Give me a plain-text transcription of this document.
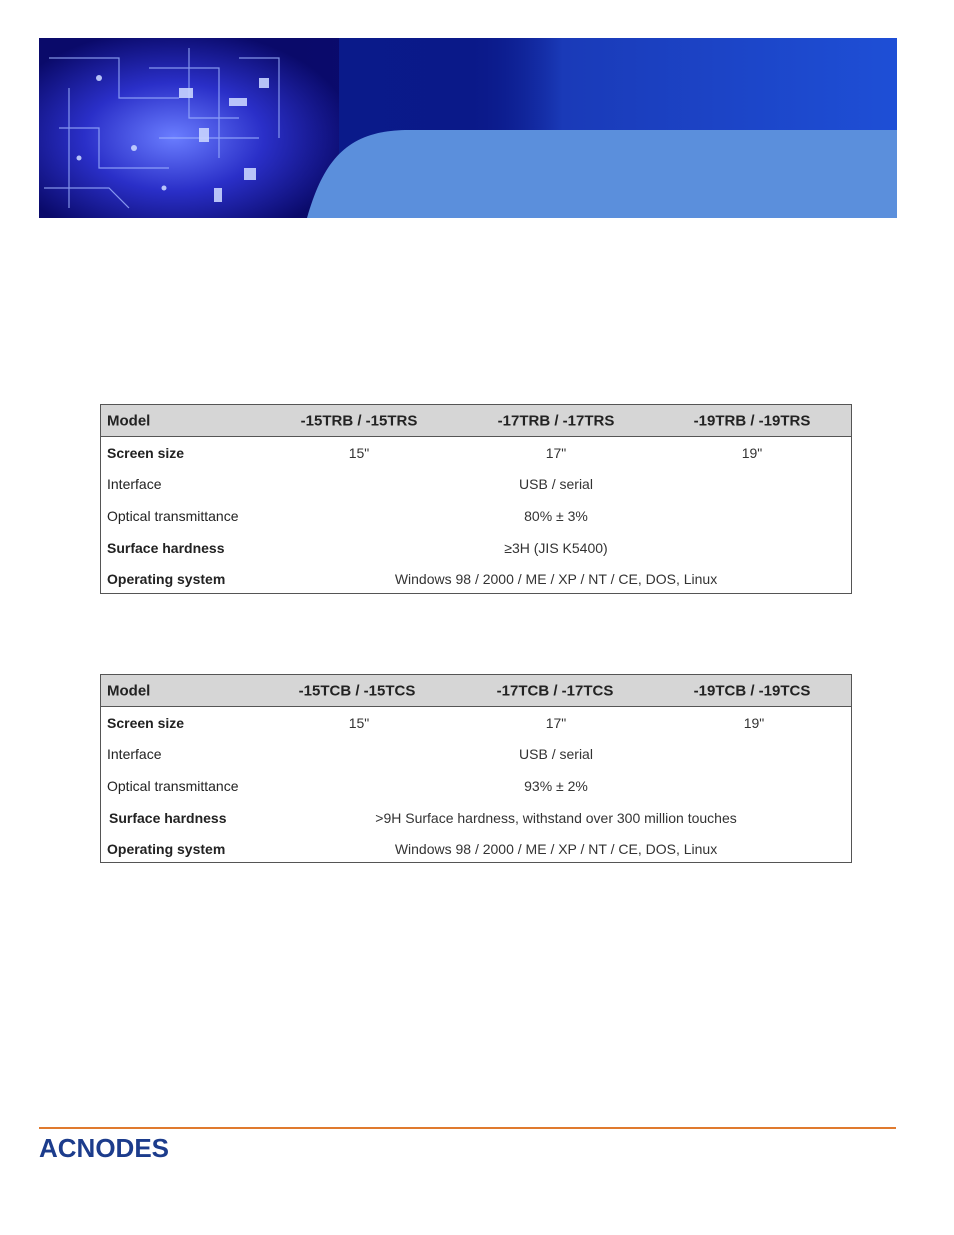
Model	-15TRB / -15TRS	-17TRB / -17TRS	-19TRB / -19TRS
Screen size	15"	17"	19"
Interface	USB / serial
Optical transmittance	80% ± 3%
Surface hardness	≥3H (JIS K5400)
Operating system	Windows 98 / 2000 / ME / XP / NT / CE, DOS, Linux
Model	-15TCB / -15TCS	-17TCB / -17TCS	-19TCB / -19TCS
Screen size	15"	17"	19"
Interface	USB / serial
Optical transmittance	93% ± 2%
Surface hardness	>9H Surface hardness, withstand over 300 million touches
Operating system	Windows 98 / 2000 / ME / XP / NT / CE, DOS, Linux
ACNODES
